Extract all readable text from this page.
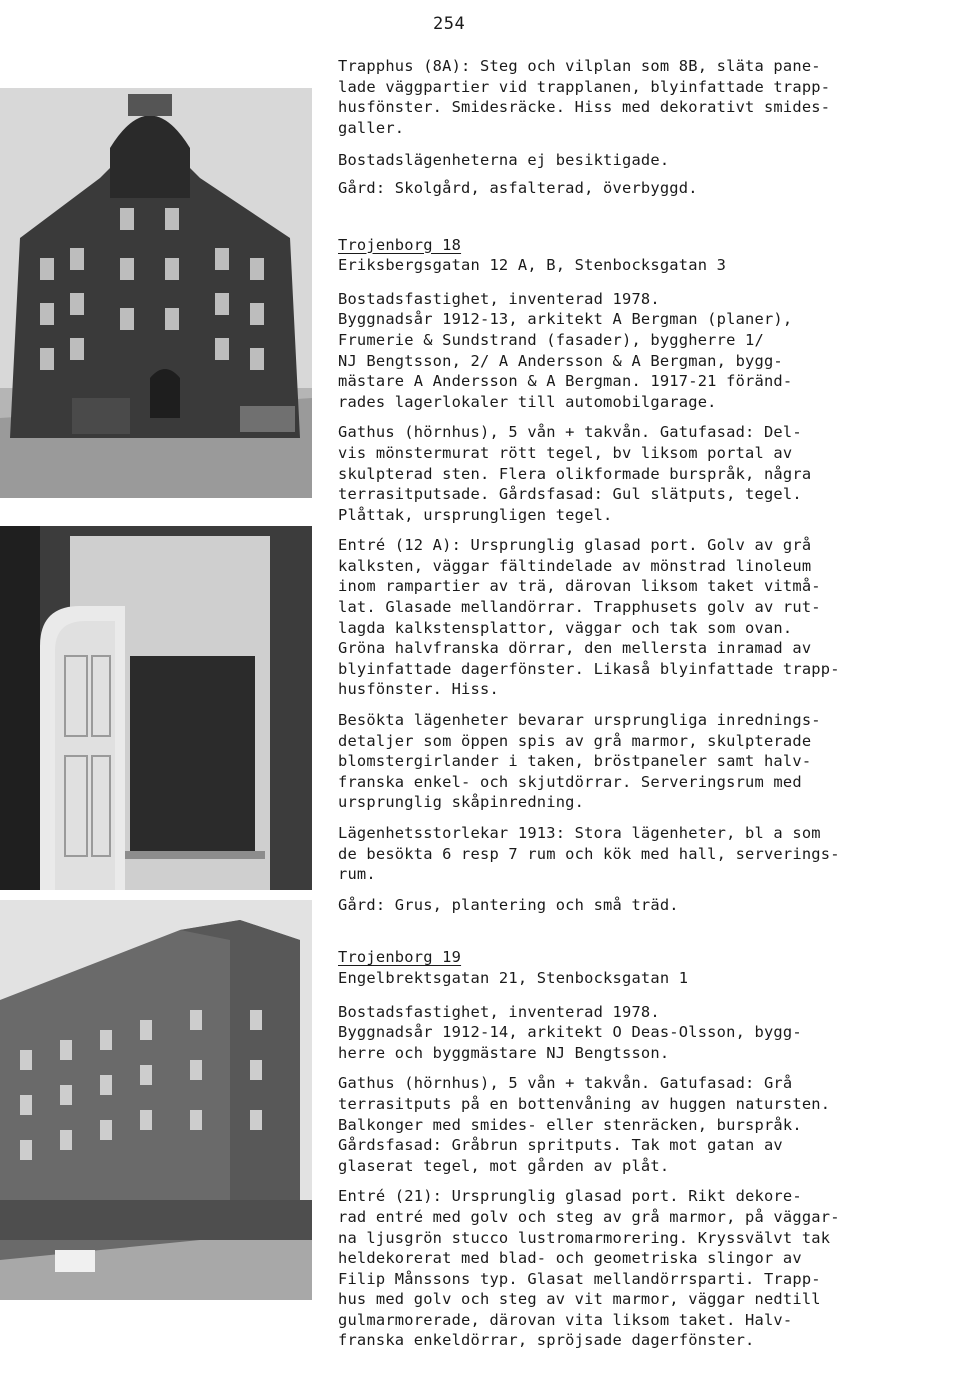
254

Trapphus (8A): Steg och vilplan som 8B, släta pane-
lade väggpartier vid trapplanen, blyinfattade trapp-
husfönster. Smidesräcke. Hiss med dekorativt smides-
galler.

Bostadslägenheterna ej besiktigade.

Gård: Skolgård, asfalterad, överbyggd.

Trojenborg 18
Eriksbergsgatan 12 A, B, Stenbocksgatan 3

Bostadsfastighet, inventerad 1978.
Byggnadsår 1912-13, arkitekt A Bergman (planer),
Frumerie & Sundstrand (fasader), byggherre 1/
NJ Bengtsson, 2/ A Andersson & A Bergman, bygg-
mästare A Andersson & A Bergman. 1917-21 föränd-
rades lagerlokaler till automobilgarage.

Gathus (hörnhus), 5 vån + takvån. Gatufasad: Del-
vis mönstermurat rött tegel, bv liksom portal av
skulpterad sten. Flera olikformade burspråk, några
terrasitputsade. Gårdsfasad: Gul slätputs, tegel.
Plåttak, ursprungligen tegel.

Entré (12 A): Ursprunglig glasad port. Golv av grå
kalksten, väggar fältindelade av mönstrad linoleum
inom rampartier av trä, därovan liksom taket vitmå-
lat. Glasade mellandörrar. Trapphusets golv av rut-
lagda kalkstensplattor, väggar och tak som ovan.
Gröna halvfranska dörrar, den mellersta inramad av
blyinfattade dagerfönster. Likaså blyinfattade trapp-
husfönster. Hiss.

Besökta lägenheter bevarar ursprungliga inrednings-
detaljer som öppen spis av grå marmor, skulpterade
blomstergirlander i taken, bröstpaneler samt halv-
franska enkel- och skjutdörrar. Serveringsrum med
ursprunglig skåpinredning.

Lägenhetsstorlekar 1913: Stora lägenheter, bl a som
de besökta 6 resp 7 rum och kök med hall, serverings-
rum.

Gård: Grus, plantering och små träd.

Trojenborg 19
Engelbrektsgatan 21, Stenbocksgatan 1

Bostadsfastighet, inventerad 1978.
Byggnadsår 1912-14, arkitekt O Deas-Olsson, bygg-
herre och byggmästare NJ Bengtsson.

Gathus (hörnhus), 5 vån + takvån. Gatufasad: Grå
terrasitputs på en bottenvåning av huggen natursten.
Balkonger med smides- eller stenräcken, burspråk.
Gårdsfasad: Gråbrun spritputs. Tak mot gatan av
glaserat tegel, mot gården av plåt.

Entré (21): Ursprunglig glasad port. Rikt dekore-
rad entré med golv och steg av grå marmor, på väggar-
na ljusgrön stucco lustromarmorering. Kryssvälvt tak
heldekorerat med blad- och geometriska slingor av
Filip Månssons typ. Glasat mellandörrsparti. Trapp-
hus med golv och steg av vit marmor, väggar nedtill
gulmarmorerade, därovan vita liksom taket. Halv-
franska enkeldörrar, spröjsade dagerfönster.
